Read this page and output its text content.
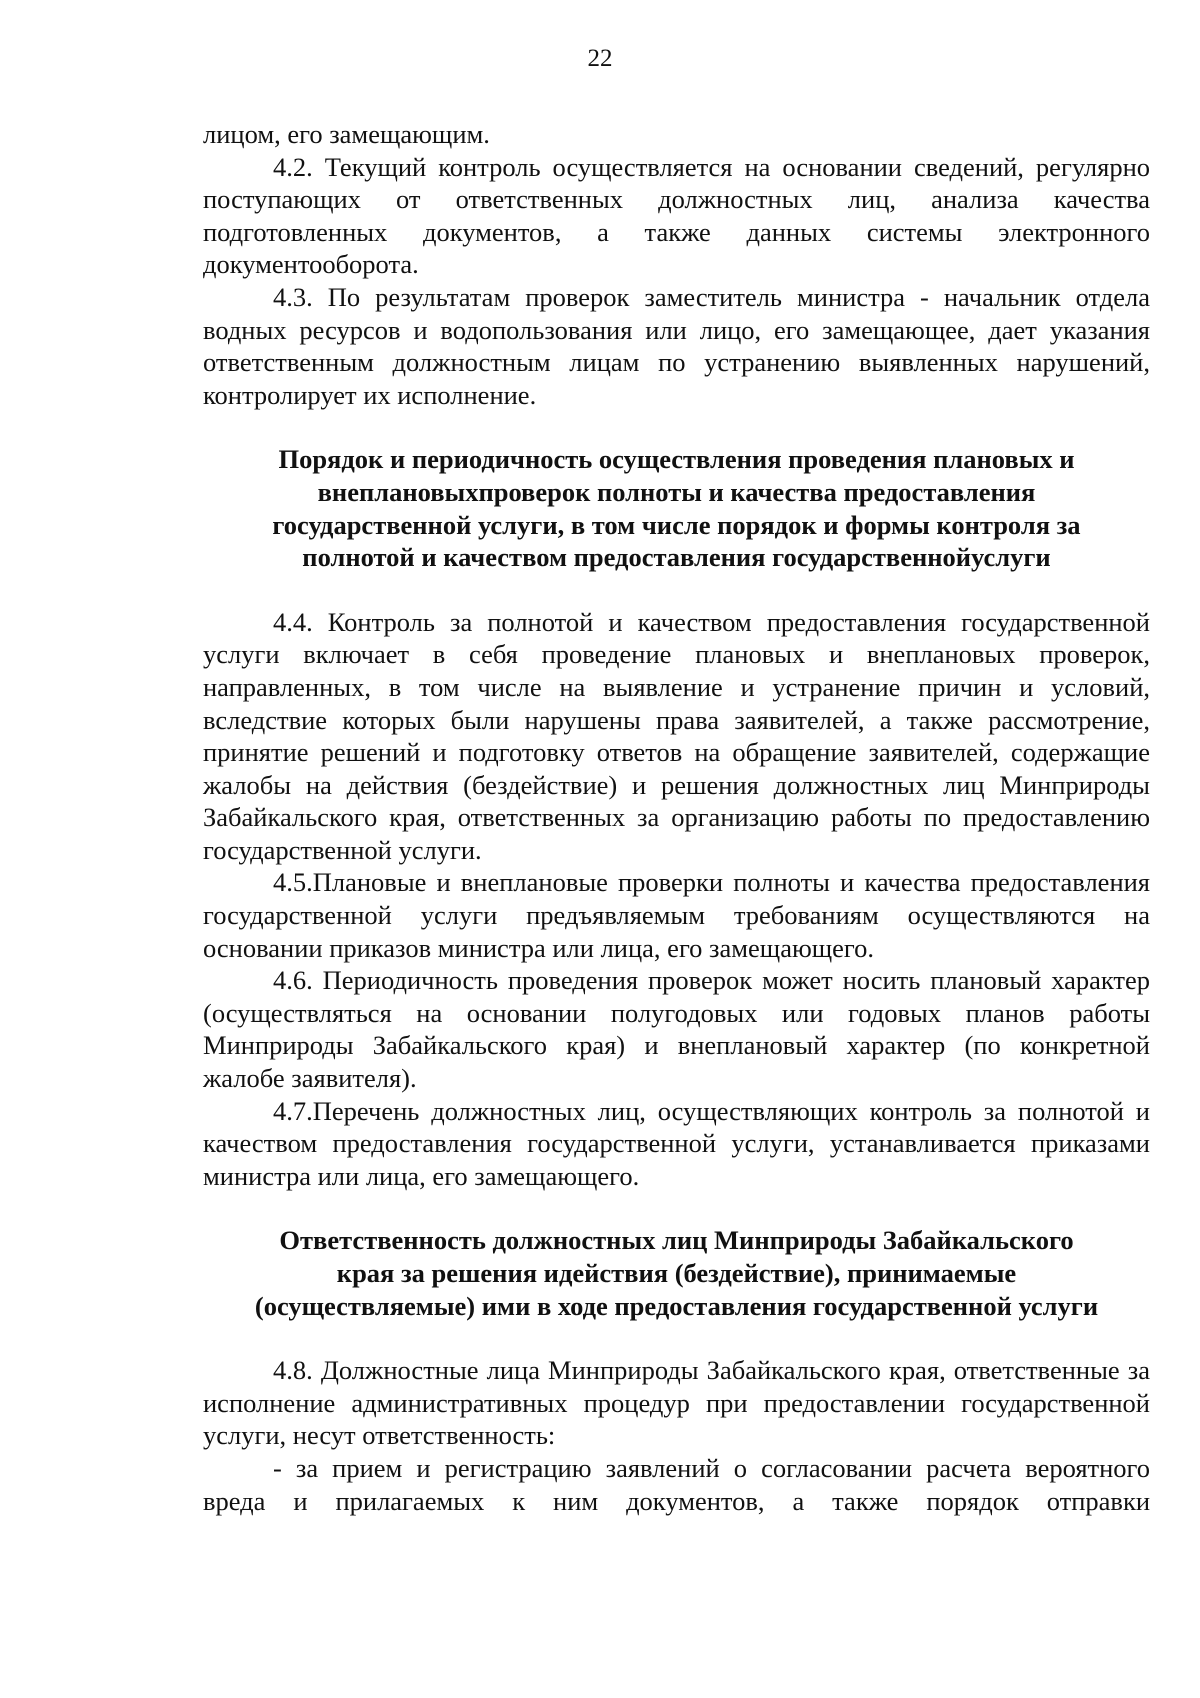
22

лицом, его замещающим.

4.2. Текущий контроль осуществляется на основании сведений, регулярно поступающих от ответственных должностных лиц, анализа качества подготовленных документов, а также данных системы электронного документооборота.

4.3. По результатам проверок заместитель министра - начальник отдела водных ресурсов и водопользования или лицо, его замещающее, дает указания ответственным должностным лицам по устранению выявленных нарушений, контролирует их исполнение.

Порядок и периодичность осуществления проведения плановых и
внеплановыхпроверок полноты и качества предоставления
государственной услуги, в том числе порядок и формы контроля за
полнотой и качеством предоставления государственнойуслуги

4.4. Контроль за полнотой и качеством предоставления государственной услуги включает в себя проведение плановых и внеплановых проверок, направленных, в том числе на выявление и устранение причин и условий, вследствие которых были нарушены права заявителей, а также рассмотрение, принятие решений и подготовку ответов на обращение заявителей, содержащие жалобы на действия (бездействие) и решения должностных лиц Минприроды Забайкальского края, ответственных за организацию работы по предоставлению государственной услуги.

4.5.Плановые и внеплановые проверки полноты и качества предоставления государственной услуги предъявляемым требованиям осуществляются на основании приказов министра или лица, его замещающего.

4.6. Периодичность проведения проверок может носить плановый характер (осуществляться на основании полугодовых или годовых планов работы Минприроды Забайкальского края) и внеплановый характер (по конкретной жалобе заявителя).

4.7.Перечень должностных лиц, осуществляющих контроль за полнотой и качеством предоставления государственной услуги, устанавливается приказами министра или лица, его замещающего.

Ответственность должностных лиц Минприроды Забайкальского
края за решения идействия (бездействие), принимаемые
(осуществляемые) ими в ходе предоставления государственной услуги

4.8. Должностные лица Минприроды Забайкальского края, ответственные за исполнение административных процедур при предоставлении государственной услуги, несут ответственность:

- за прием и регистрацию заявлений о согласовании расчета вероятного вреда и прилагаемых к ним документов, а также порядок отправки
